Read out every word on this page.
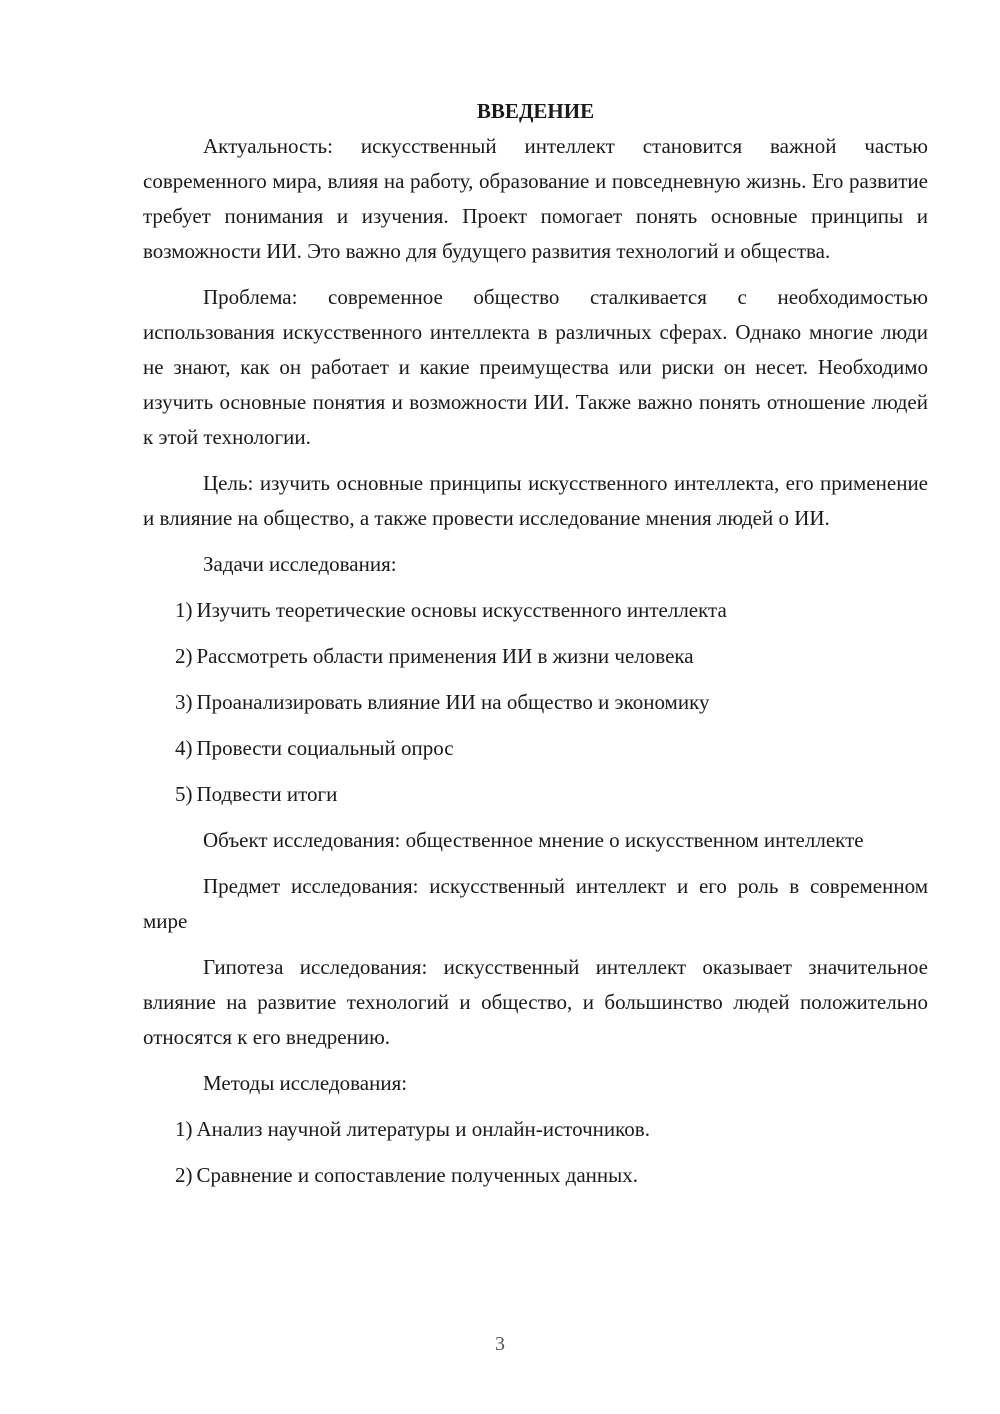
ВВЕДЕНИЕ

Актуальность: искусственный интеллект становится важной частью современного мира, влияя на работу, образование и повседневную жизнь. Его развитие требует понимания и изучения. Проект помогает понять основные принципы и возможности ИИ. Это важно для будущего развития технологий и общества.

Проблема: современное общество сталкивается с необходимостью использования искусственного интеллекта в различных сферах. Однако многие люди не знают, как он работает и какие преимущества или риски он несет. Необходимо изучить основные понятия и возможности ИИ. Также важно понять отношение людей к этой технологии.

Цель: изучить основные принципы искусственного интеллекта, его применение и влияние на общество, а также провести исследование мнения людей о ИИ.

Задачи исследования:

1) Изучить теоретические основы искусственного интеллекта
2) Рассмотреть области применения ИИ в жизни человека
3) Проанализировать влияние ИИ на общество и экономику
4) Провести социальный опрос
5) Подвести итоги

Объект исследования: общественное мнение о искусственном интеллекте

Предмет исследования: искусственный интеллект и его роль в современном мире

Гипотеза исследования: искусственный интеллект оказывает значительное влияние на развитие технологий и общество, и большинство людей положительно относятся к его внедрению.

Методы исследования:

1) Анализ научной литературы и онлайн-источников.
2) Сравнение и сопоставление полученных данных.
3
